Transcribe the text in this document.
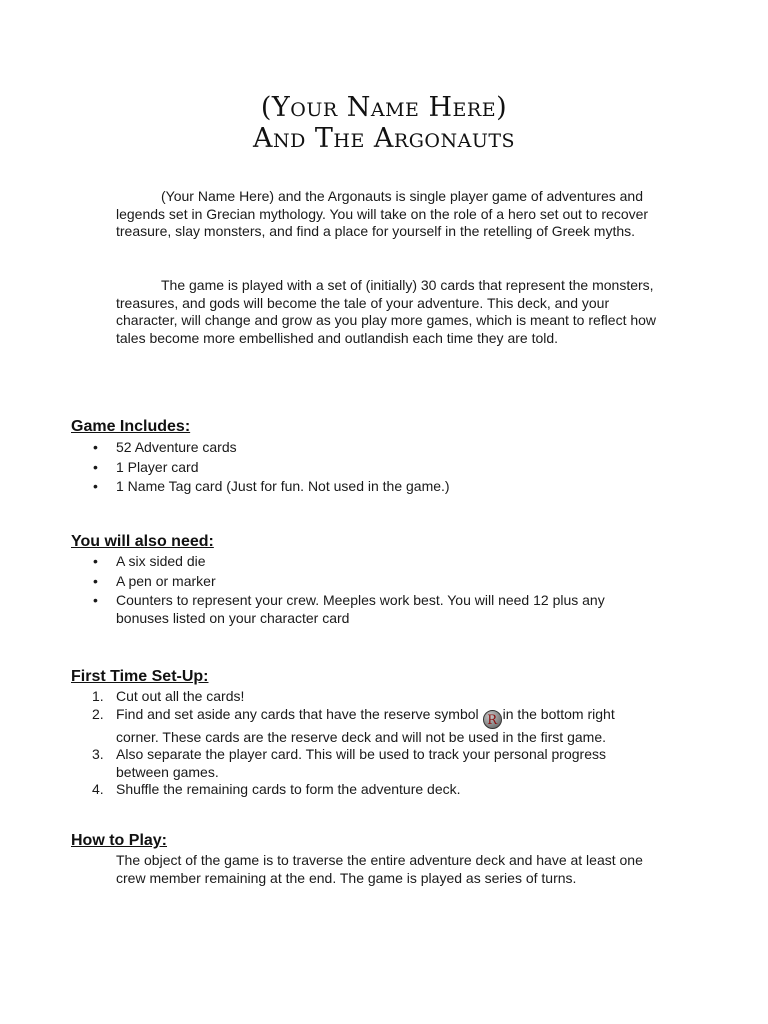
(Your Name Here)
And The Argonauts

(Your Name Here) and the Argonauts is single player game of adventures and legends set in Grecian mythology. You will take on the role of a hero set out to recover treasure, slay monsters, and find a place for yourself in the retelling of Greek myths.

The game is played with a set of (initially) 30 cards that represent the monsters, treasures, and gods will become the tale of your adventure. This deck, and your character, will change and grow as you play more games, which is meant to reflect how tales become more embellished and outlandish each time they are told.

Game Includes:
• 52 Adventure cards
• 1 Player card
• 1 Name Tag card (Just for fun. Not used in the game.)
You will also need:
• A six sided die
• A pen or marker
• Counters to represent your crew. Meeples work best. You will need 12 plus any bonuses listed on your character card
First Time Set-Up:
1. Cut out all the cards!
2. Find and set aside any cards that have the reserve symbol R in the bottom right corner. These cards are the reserve deck and will not be used in the first game.
3. Also separate the player card. This will be used to track your personal progress between games.
4. Shuffle the remaining cards to form the adventure deck.
How to Play:

The object of the game is to traverse the entire adventure deck and have at least one crew member remaining at the end. The game is played as series of turns.
